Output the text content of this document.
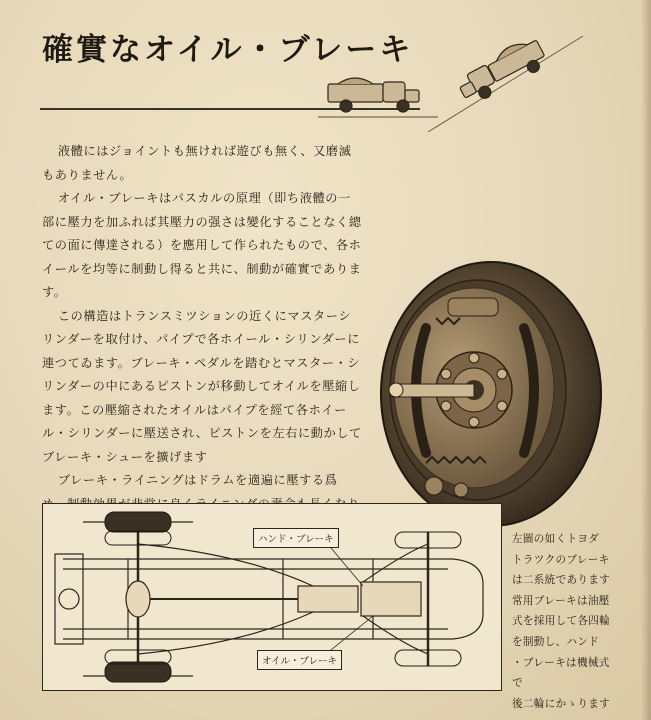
確實なオイル・ブレーキ

液體にはジョイントも無ければ遊びも無く、又磨滅もありません。

オイル・ブレーキはパスカルの原理（即ち液體の一部に壓力を加ふれば其壓力の强さは變化することなく總ての面に傳達される）を應用して作られたもので、各ホイールを均等に制動し得ると共に、制動が確實であります。

この構造はトランスミツションの近くにマスターシリンダーを取付け、パイプで各ホイール・シリンダーに連つてゐます。ブレーキ・ペダルを踏むとマスター・シリンダーの中にあるピストンが移動してオイルを壓縮します。この壓縮されたオイルはパイプを經て各ホイール・シリンダーに壓送され、ピストンを左右に動かしてブレーキ・シューを擴げます

ブレーキ・ライニングはドラムを適遍に壓する爲

ハンド・ブレーキ
オイル・ブレーキ

左圖の如くトヨダ

トラツクのブレーキ

は二系統であります

常用ブレーキは油壓

式を採用して各四輪

を制動し、ハンド

・ブレーキは機械式で

後二輪にかゝります
